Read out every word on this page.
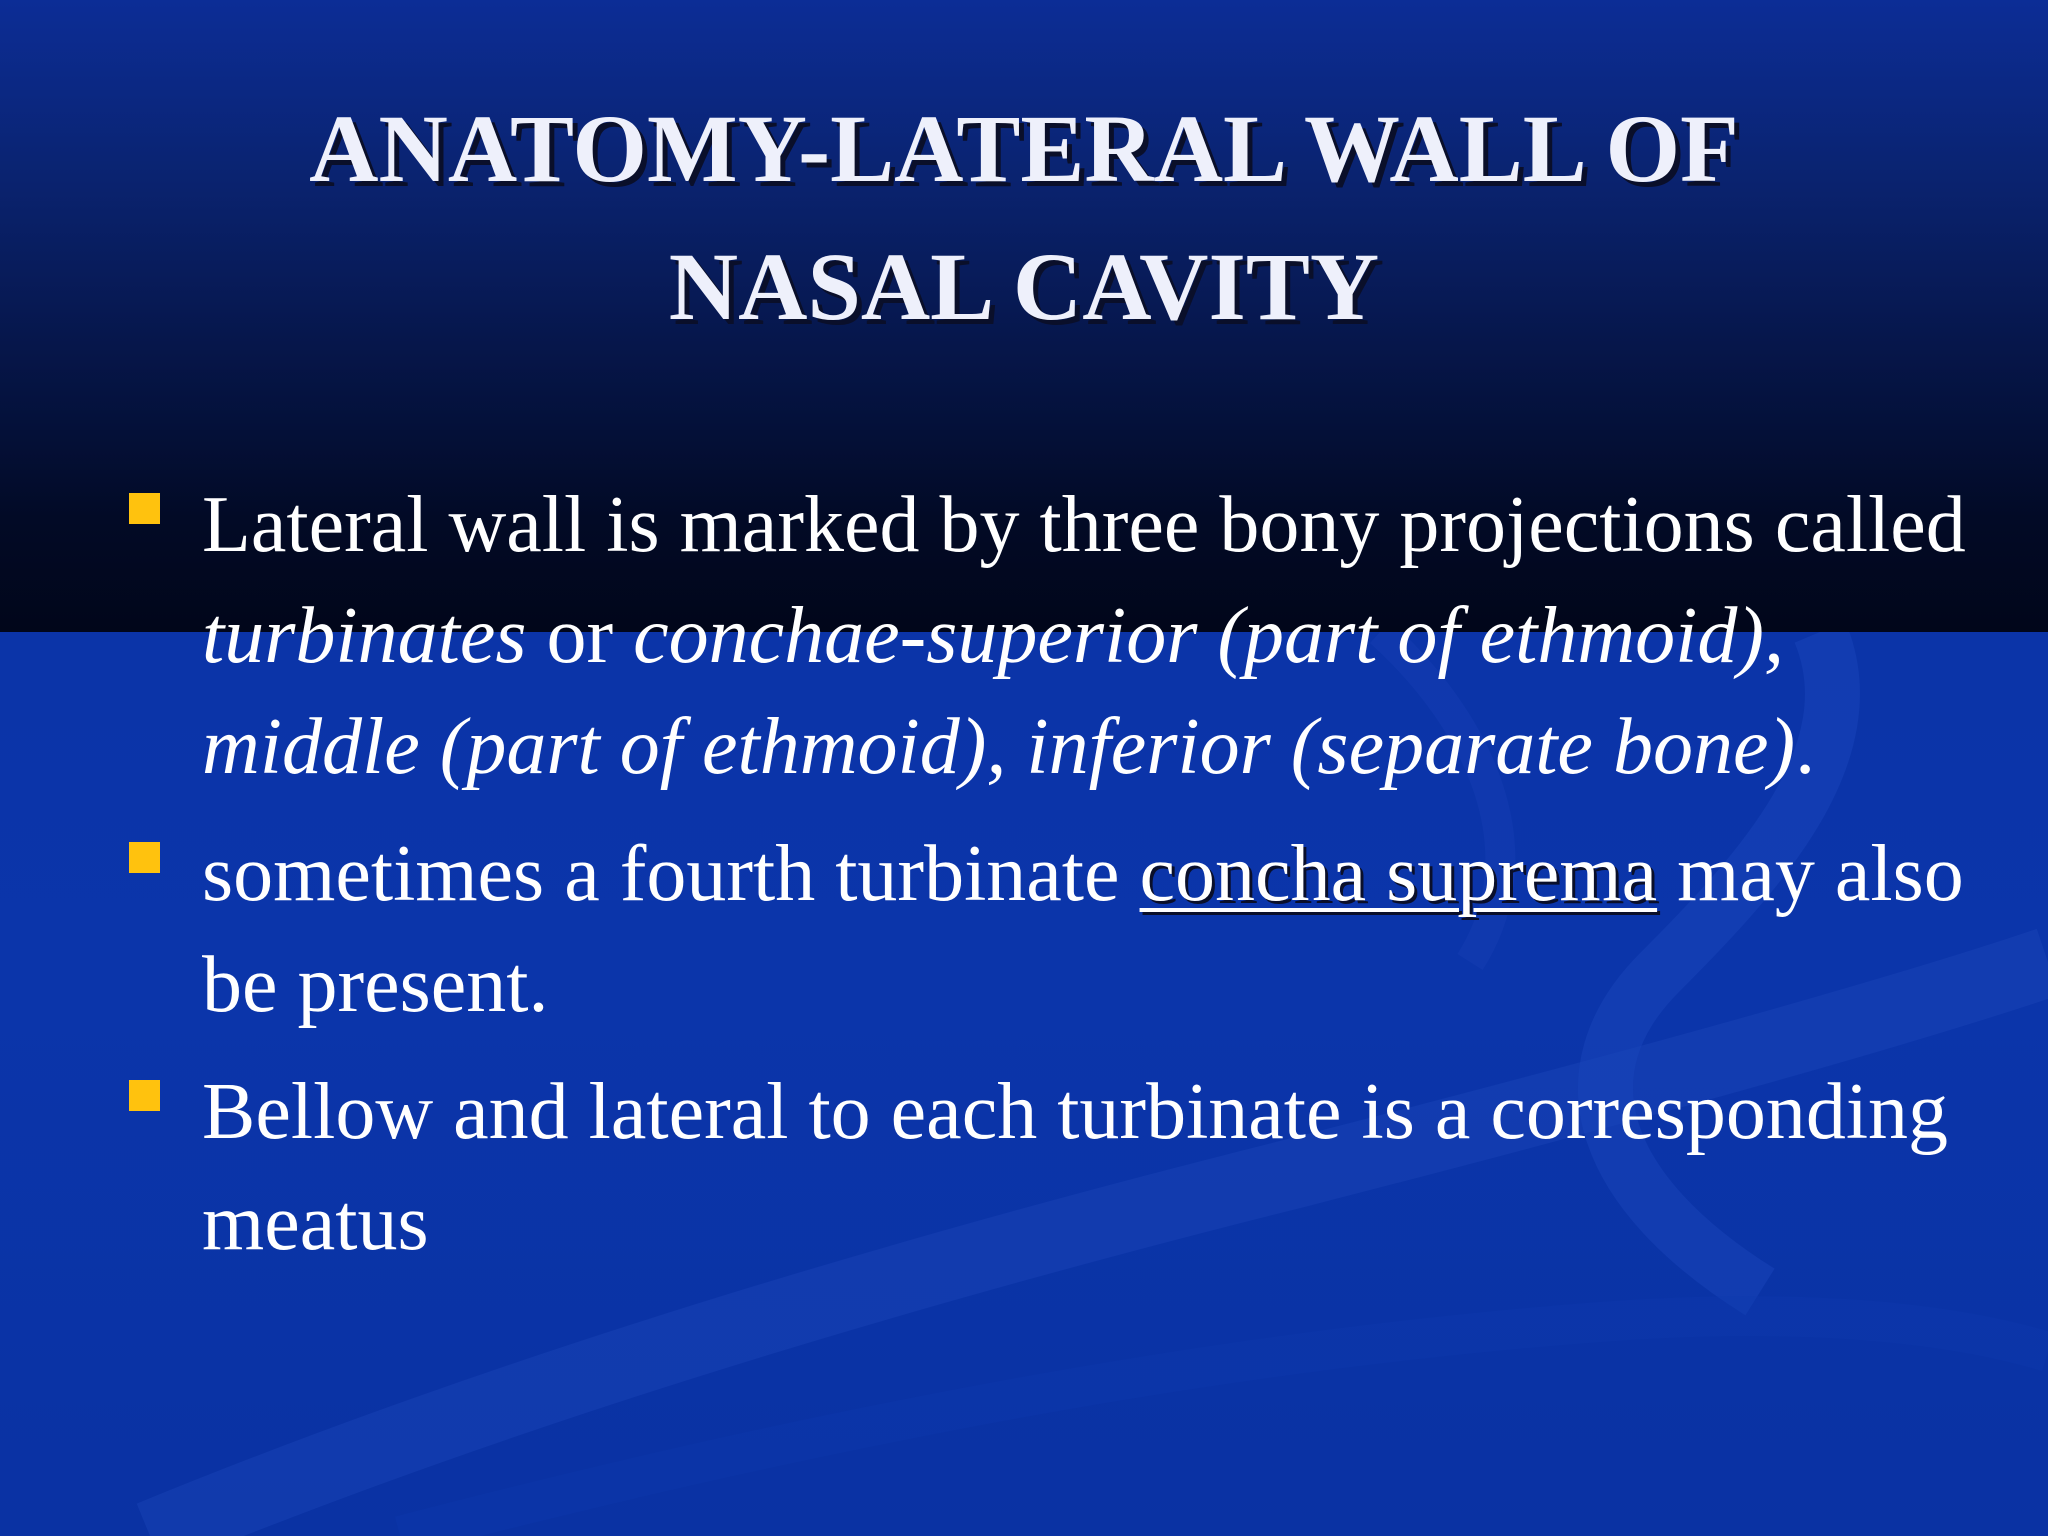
ANATOMY-LATERAL WALL OF
NASAL CAVITY
Lateral wall is marked by three bony projections called turbinates or conchae-superior (part of ethmoid), middle (part of ethmoid), inferior (separate bone).
sometimes a fourth turbinate concha suprema may also be present.
Bellow and lateral to each turbinate is a corresponding meatus
